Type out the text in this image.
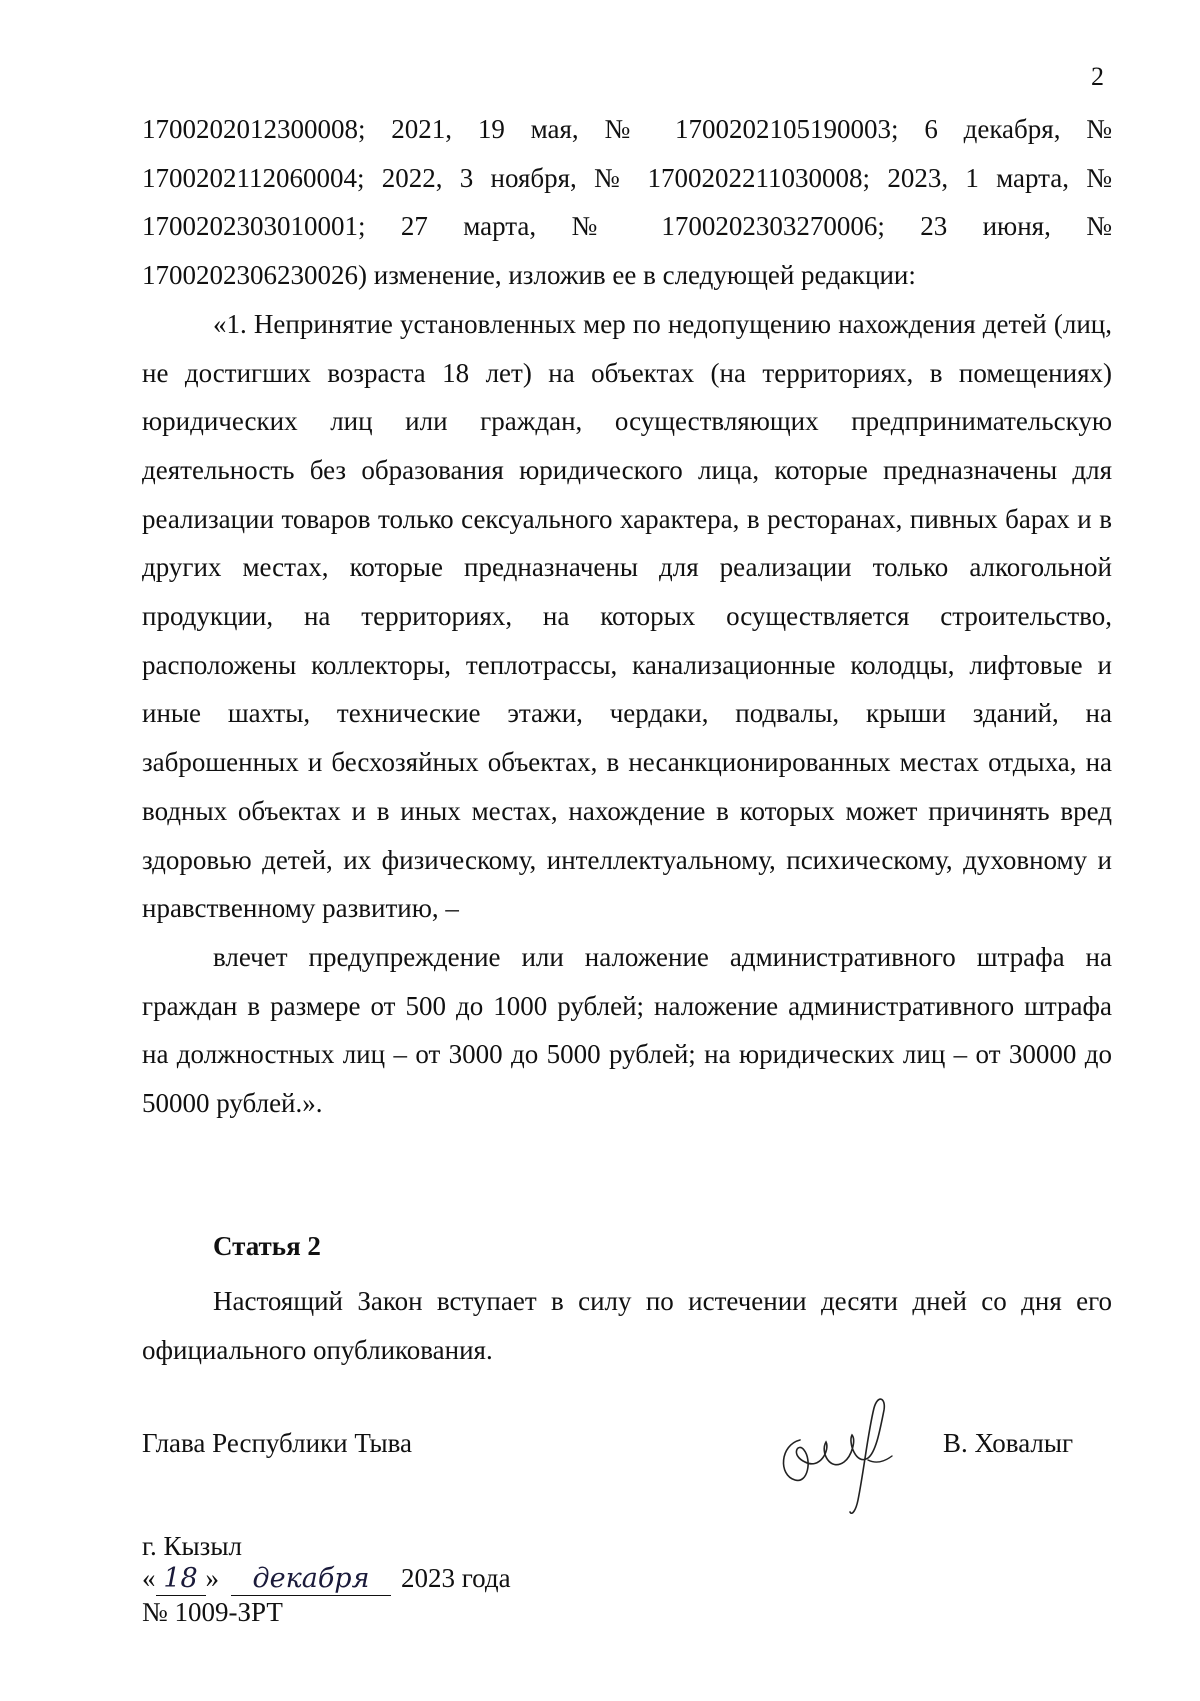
2

1700202012300008; 2021, 19 мая, № 1700202105190003; 6 декабря, № 1700202112060004; 2022, 3 ноября, № 1700202211030008; 2023, 1 марта, № 1700202303010001; 27 марта, № 1700202303270006; 23 июня, № 1700202306230026) изменение, изложив ее в следующей редакции:

«1. Непринятие установленных мер по недопущению нахождения детей (лиц, не достигших возраста 18 лет) на объектах (на территориях, в помещениях) юридических лиц или граждан, осуществляющих предпринимательскую деятельность без образования юридического лица, которые предназначены для реализации товаров только сексуального характера, в ресторанах, пивных барах и в других местах, которые предназначены для реализации только алкогольной продукции, на территориях, на которых осуществляется строительство, расположены коллекторы, теплотрассы, канализационные колодцы, лифтовые и иные шахты, технические этажи, чердаки, подвалы, крыши зданий, на заброшенных и бесхозяйных объектах, в несанкционированных местах отдыха, на водных объектах и в иных местах, нахождение в которых может причинять вред здоровью детей, их физическому, интеллектуальному, психическому, духовному и нравственному развитию, –

влечет предупреждение или наложение административного штрафа на граждан в размере от 500 до 1000 рублей; наложение административного штрафа на должностных лиц – от 3000 до 5000 рублей; на юридических лиц – от 30000 до 50000 рублей.».

Статья 2

Настоящий Закон вступает в силу по истечении десяти дней со дня его официального опубликования.

Глава Республики Тыва	В. Ховалыг
г. Кызыл
« 18 » декабря 2023 года
№ 1009-ЗРТ
